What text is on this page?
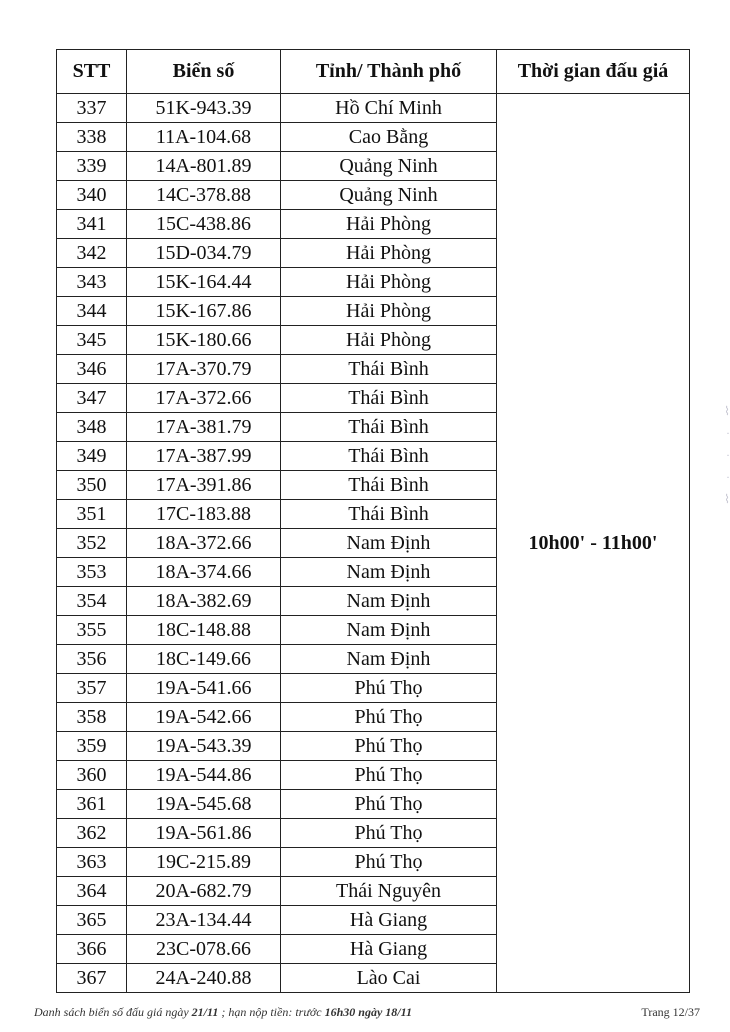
STT	Biển số	Tỉnh/ Thành phố	Thời gian đấu giá
337	51K-943.39	Hồ Chí Minh	10h00' - 11h00'
338	11A-104.68	Cao Bằng	
339	14A-801.89	Quảng Ninh	
340	14C-378.88	Quảng Ninh	
341	15C-438.86	Hải Phòng	
342	15D-034.79	Hải Phòng	
343	15K-164.44	Hải Phòng	
344	15K-167.86	Hải Phòng	
345	15K-180.66	Hải Phòng	
346	17A-370.79	Thái Bình	
347	17A-372.66	Thái Bình	
348	17A-381.79	Thái Bình	
349	17A-387.99	Thái Bình	
350	17A-391.86	Thái Bình	
351	17C-183.88	Thái Bình	
352	18A-372.66	Nam Định	
353	18A-374.66	Nam Định	
354	18A-382.69	Nam Định	
355	18C-148.88	Nam Định	
356	18C-149.66	Nam Định	
357	19A-541.66	Phú Thọ	
358	19A-542.66	Phú Thọ	
359	19A-543.39	Phú Thọ	
360	19A-544.86	Phú Thọ	
361	19A-545.68	Phú Thọ	
362	19A-561.86	Phú Thọ	
363	19C-215.89	Phú Thọ	
364	20A-682.79	Thái Nguyên	
365	23A-134.44	Hà Giang	
366	23C-078.66	Hà Giang	
367	24A-240.88	Lào Cai	
⌇
·
·
·
⌇
Danh sách biển số đấu giá ngày 21/11 ; hạn nộp tiền: trước 16h30 ngày 18/11	Trang 12/37
